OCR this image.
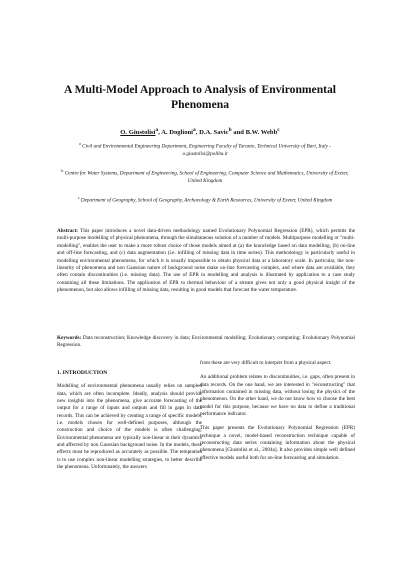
A Multi-Model Approach to Analysis of Environmental Phenomena
O. Giustolisi$^a$, A. Doglioni$^a$, D.A. Savic$^b$ and B.W. Webb$^c$
$^a$ Civil and Environmental Engineering Department, Engineering Faculty of Taranto, Technical University of Bari, Italy - o.giustolisi@poliba.it
$^b$ Centre for Water Systems, Department of Engineering, School of Engineering, Computer Science and Mathematics, University of Exeter, United Kingdom
$^c$ Department of Geography, School of Geography, Archaeology & Earth Resources, University of Exeter, United Kingdom
Abstract: This paper introduces a novel data-driven methodology named Evolutionary Polynomial Regression (EPR), which permits the multi-purpose modelling of physical phenomena, through the simultaneous solution of a number of models. Multipurpose modelling or "multi-modelling", enables the user to make a more robust choice of those models aimed at (a) the knowledge based on data modelling, (b) on-line and off-line forecasting, and (c) data augmentation (i.e. infilling of missing data in time series). This methodology is particularly useful in modelling environmental phenomena, for which it is usually impossible to obtain physical data at a laboratory scale. In particular, the non-linearity of phenomena and non Gaussian nature of background noise make on-line forecasting complex, and where data are available, they often contain discontinuities (i.e. missing data). The use of EPR in modelling and analysis is illustrated by application to a case study containing all these limitations. The application of EPR to thermal behaviour of a stream gives not only a good physical insight of the phenomenon, but also allows infilling of missing data, resulting in good models that forecast the water temperature.
Keywords: Data reconstruction; Knowledge discovery in data; Environmental modelling; Evolutionary computing; Evolutionary Polynomial Regression.
1. INTRODUCTION

Modelling of environmental phenomena usually relies on sampled data, which are often incomplete. Ideally, analysis should provide new insights into the phenomena, give accurate forecasting of the output for a range of inputs and outputs and fill in gaps in data records. This can be achieved by creating a range of specific models, i.e. models chosen for well-defined purposes, although the construction and choice of the models is often challenging. Environmental phenomena are typically non-linear in their dynamics and affected by non Gaussian background noise. In the models, these effects must be reproduced as accurately as possible. The temptation is to use complex non-linear modelling strategies, to better describe the phenomena. Unfortunately, the answers

from these are very difficult to interpret from a physical aspect.

An additional problem relates to discontinuities, i.e. gaps, often present in data records. On the one hand, we are interested in "reconstructing" that information contained in missing data, without losing the physics of the phenomenon. On the other hand, we do not know how to choose the best model for this purpose, because we have no data to define a traditional performance indicator.

This paper presents the Evolutionary Polynomial Regression (EPR) technique a novel, model-based reconstruction technique capable of reconstructing data series containing information about the physical phenomena [Giustolisi et al., 2004a]. It also provides simple well defined effective models useful both for on-line forecasting and simulation.
